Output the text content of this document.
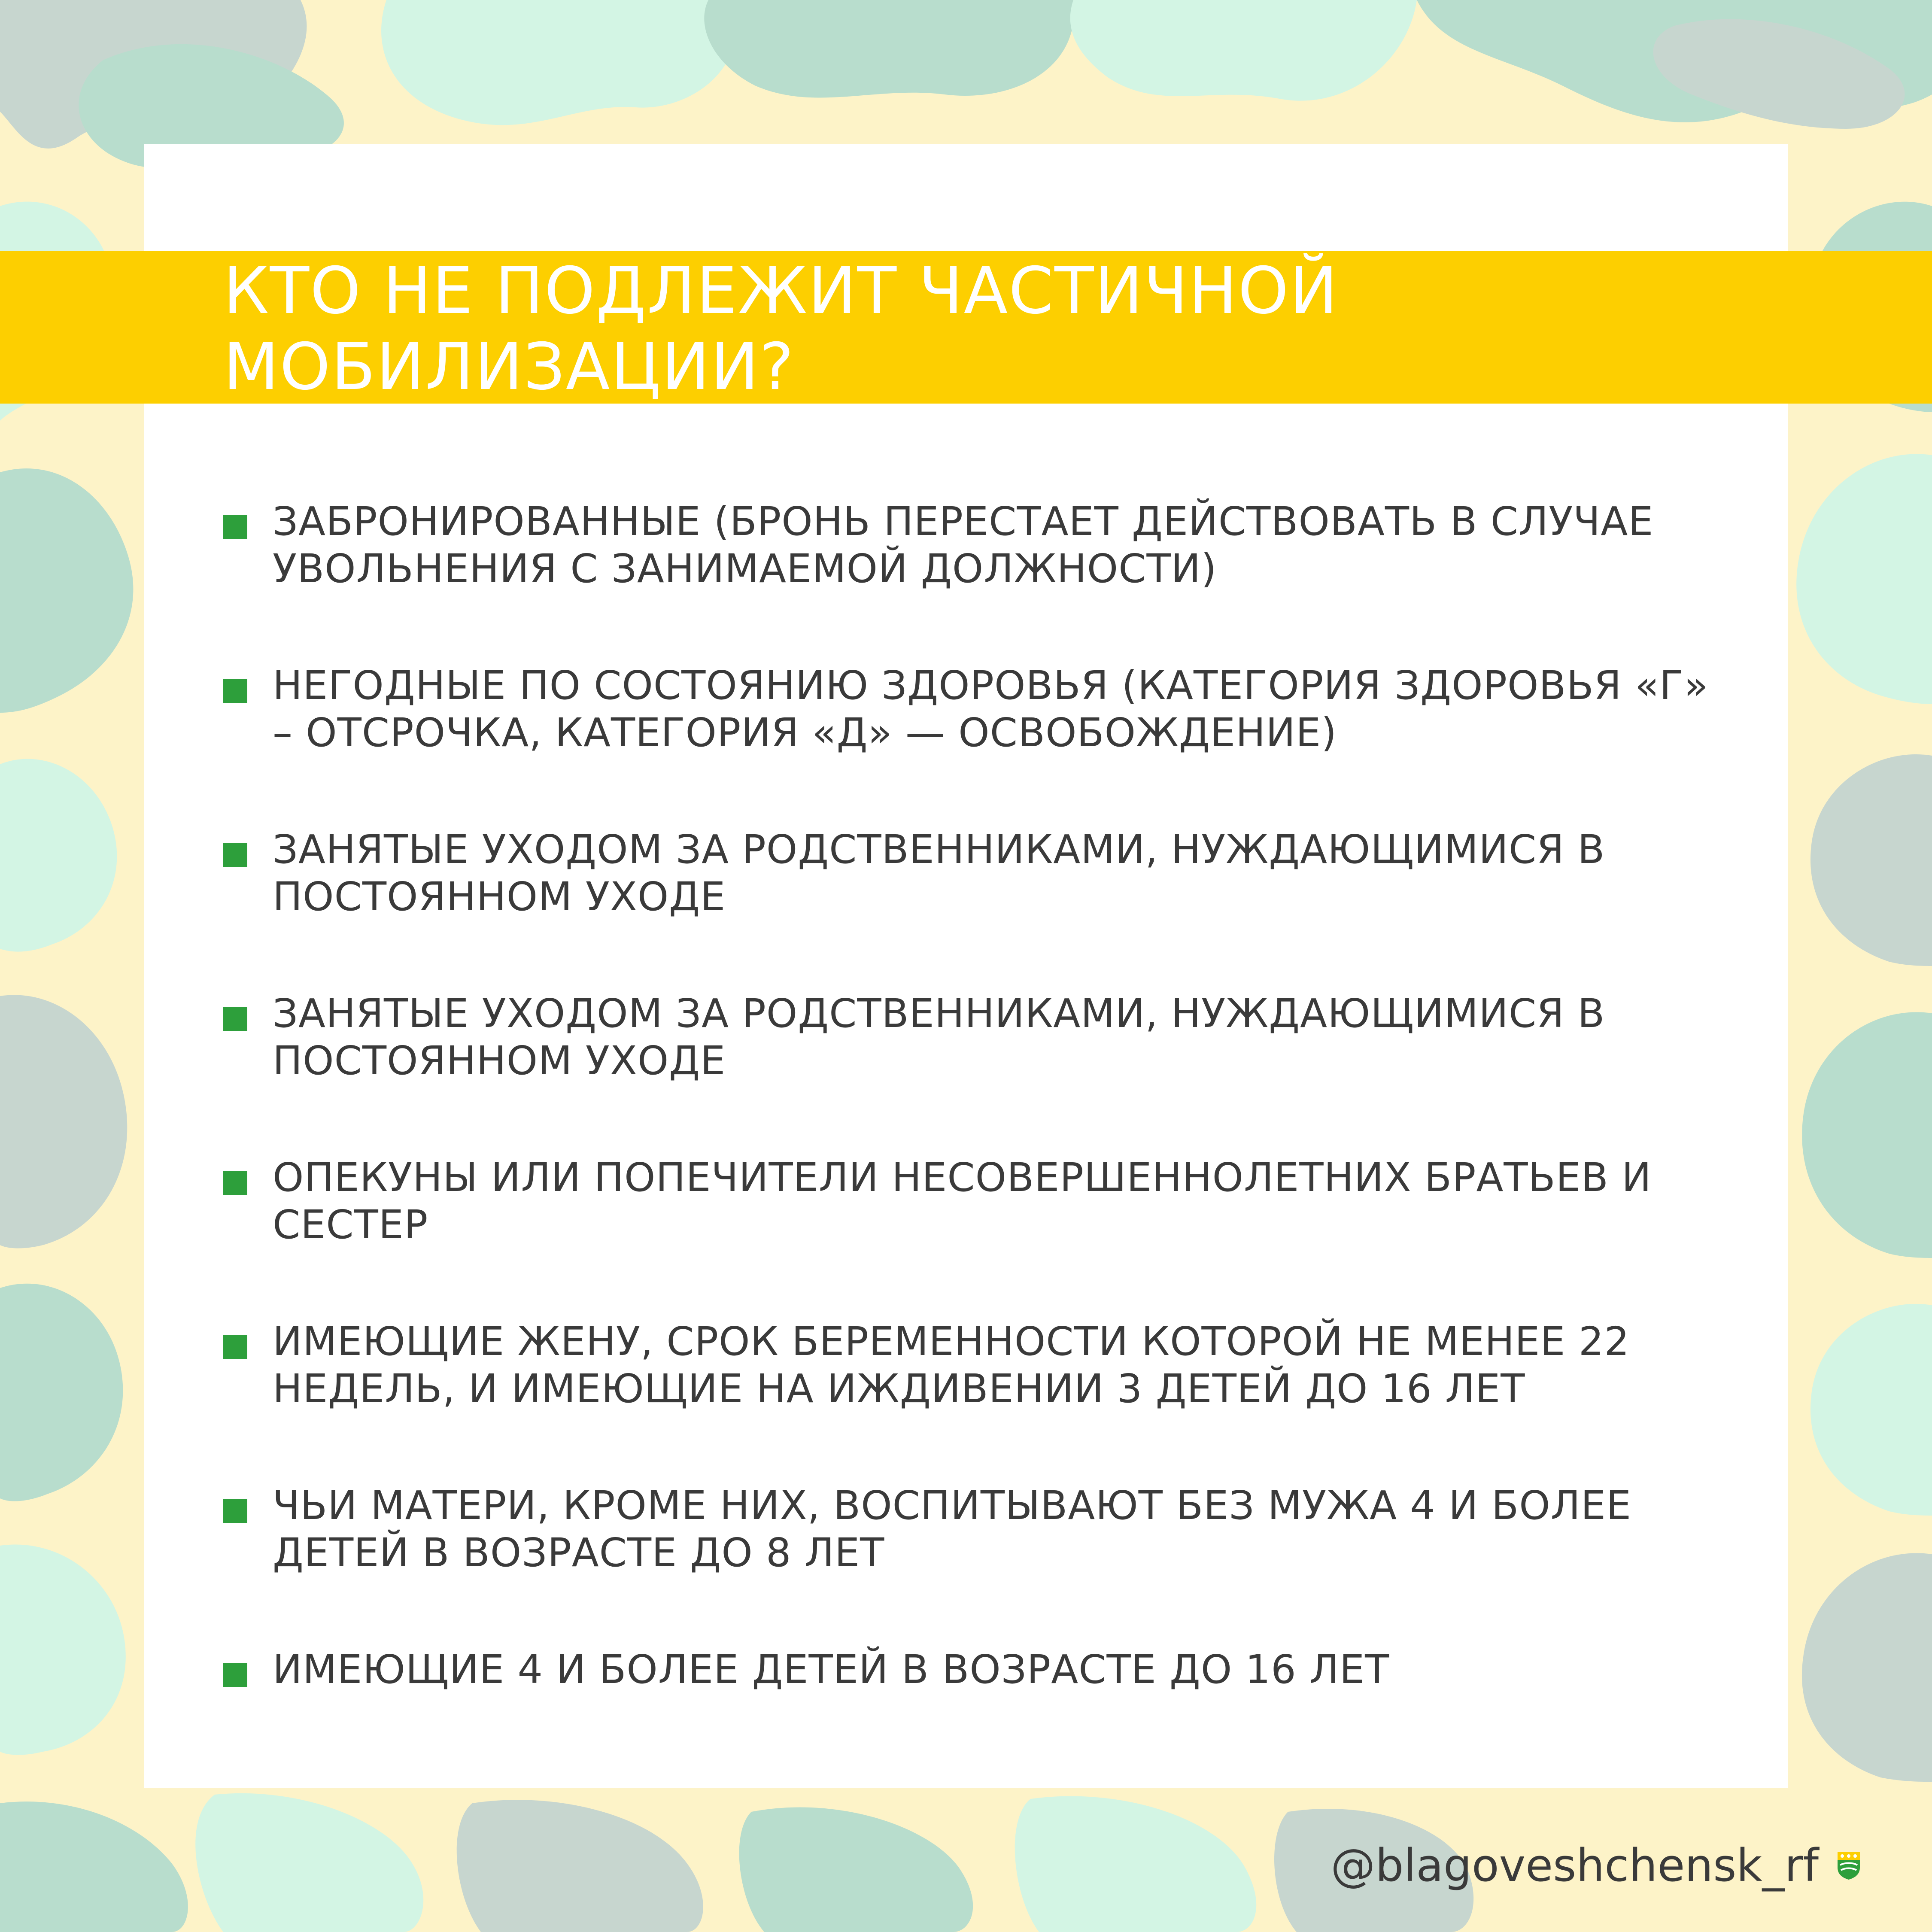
КТО НЕ ПОДЛЕЖИТ ЧАСТИЧНОЙ
МОБИЛИЗАЦИИ?
ЗАБРОНИРОВАННЫЕ (БРОНЬ ПЕРЕСТАЕТ ДЕЙСТВОВАТЬ В СЛУЧАЕ УВОЛЬНЕНИЯ С ЗАНИМАЕМОЙ ДОЛЖНОСТИ)
НЕГОДНЫЕ ПО СОСТОЯНИЮ ЗДОРОВЬЯ (КАТЕГОРИЯ ЗДОРОВЬЯ «Г» – ОТСРОЧКА, КАТЕГОРИЯ «Д» — ОСВОБОЖДЕНИЕ)
ЗАНЯТЫЕ УХОДОМ ЗА РОДСТВЕННИКАМИ, НУЖДАЮЩИМИСЯ В ПОСТОЯННОМ УХОДЕ
ЗАНЯТЫЕ УХОДОМ ЗА РОДСТВЕННИКАМИ, НУЖДАЮЩИМИСЯ В ПОСТОЯННОМ УХОДЕ
ОПЕКУНЫ ИЛИ ПОПЕЧИТЕЛИ НЕСОВЕРШЕННОЛЕТНИХ БРАТЬЕВ И СЕСТЕР
ИМЕЮЩИЕ ЖЕНУ, СРОК БЕРЕМЕННОСТИ КОТОРОЙ НЕ МЕНЕЕ 22 НЕДЕЛЬ, И ИМЕЮЩИЕ НА ИЖДИВЕНИИ 3 ДЕТЕЙ ДО 16 ЛЕТ
ЧЬИ МАТЕРИ, КРОМЕ НИХ, ВОСПИТЫВАЮТ БЕЗ МУЖА 4 И БОЛЕЕ ДЕТЕЙ В ВОЗРАСТЕ ДО 8 ЛЕТ
ИМЕЮЩИЕ 4 И БОЛЕЕ ДЕТЕЙ В ВОЗРАСТЕ ДО 16 ЛЕТ
@blagoveshchensk_rf
